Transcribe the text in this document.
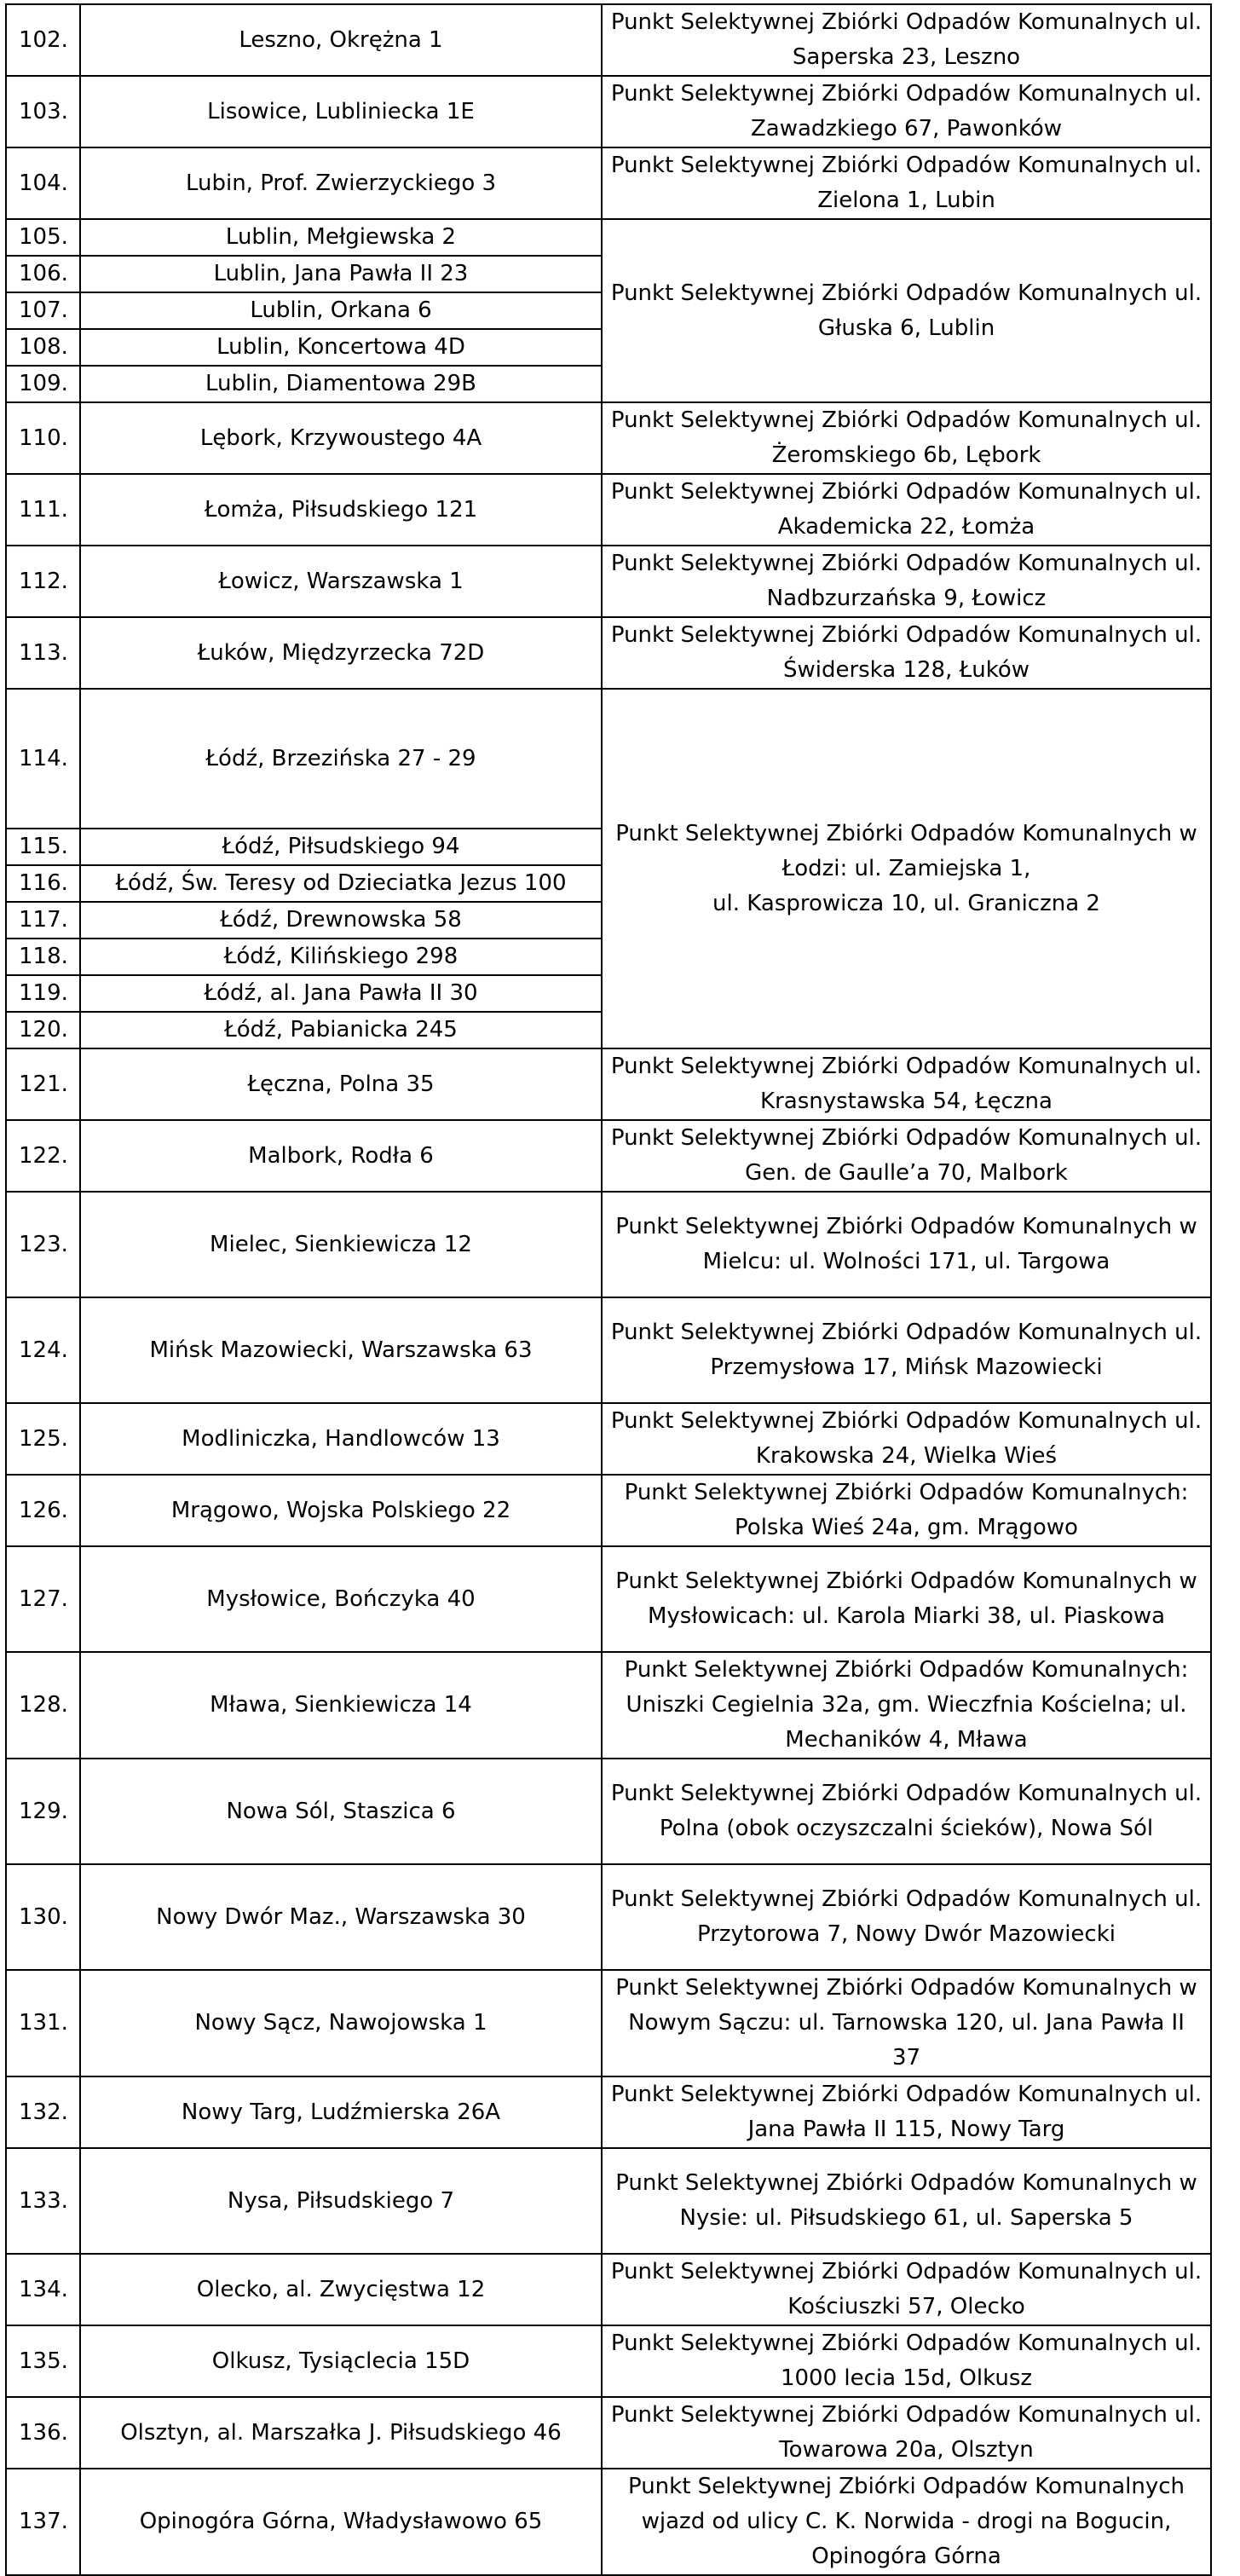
102.	Leszno, Okrężna 1	Punkt Selektywnej Zbiórki Odpadów Komunalnych ul.
Saperska 23, Leszno

103.	Lisowice, Lubliniecka 1E	Punkt Selektywnej Zbiórki Odpadów Komunalnych ul.
Zawadzkiego 67, Pawonków

104.	Lubin, Prof. Zwierzyckiego 3	Punkt Selektywnej Zbiórki Odpadów Komunalnych ul.
Zielona 1, Lubin

105.	Lublin, Mełgiewska 2	Punkt Selektywnej Zbiórki Odpadów Komunalnych ul.
Głuska 6, Lublin

106.	Lublin, Jana Pawła II 23	
107.	Lublin, Orkana 6	
108.	Lublin, Koncertowa 4D	
109.	Lublin, Diamentowa 29B	
110.	Lębork, Krzywoustego 4A	Punkt Selektywnej Zbiórki Odpadów Komunalnych ul.
Żeromskiego 6b, Lębork

111.	Łomża, Piłsudskiego 121	Punkt Selektywnej Zbiórki Odpadów Komunalnych ul.
Akademicka 22, Łomża

112.	Łowicz, Warszawska 1	Punkt Selektywnej Zbiórki Odpadów Komunalnych ul.
Nadbzurzańska 9, Łowicz

113.	Łuków, Międzyrzecka 72D	Punkt Selektywnej Zbiórki Odpadów Komunalnych ul.
Świderska 128, Łuków

114.	Łódź, Brzezińska 27 - 29	Punkt Selektywnej Zbiórki Odpadów Komunalnych w
Łodzi: ul. Zamiejska 1,
ul. Kasprowicza 10, ul. Graniczna 2

115.	Łódź, Piłsudskiego 94	
116.	Łódź, Św. Teresy od Dzieciatka Jezus 100	
117.	Łódź, Drewnowska 58	
118.	Łódź, Kilińskiego 298	
119.	Łódź, al. Jana Pawła II 30	
120.	Łódź, Pabianicka 245	
121.	Łęczna, Polna 35	Punkt Selektywnej Zbiórki Odpadów Komunalnych ul.
Krasnystawska 54, Łęczna

122.	Malbork, Rodła 6	Punkt Selektywnej Zbiórki Odpadów Komunalnych ul.
Gen. de Gaulle’a 70, Malbork

123.	Mielec, Sienkiewicza 12	Punkt Selektywnej Zbiórki Odpadów Komunalnych w
Mielcu: ul. Wolności 171, ul. Targowa

124.	Mińsk Mazowiecki, Warszawska 63	Punkt Selektywnej Zbiórki Odpadów Komunalnych ul.
Przemysłowa 17, Mińsk Mazowiecki

125.	Modliniczka, Handlowców 13	Punkt Selektywnej Zbiórki Odpadów Komunalnych ul.
Krakowska 24, Wielka Wieś

126.	Mrągowo, Wojska Polskiego 22	Punkt Selektywnej Zbiórki Odpadów Komunalnych:
Polska Wieś 24a, gm. Mrągowo

127.	Mysłowice, Bończyka 40	Punkt Selektywnej Zbiórki Odpadów Komunalnych w
Mysłowicach: ul. Karola Miarki 38, ul. Piaskowa

128.	Mława, Sienkiewicza 14	Punkt Selektywnej Zbiórki Odpadów Komunalnych:
Uniszki Cegielnia 32a, gm. Wieczfnia Kościelna; ul.
Mechaników 4, Mława

129.	Nowa Sól, Staszica 6	Punkt Selektywnej Zbiórki Odpadów Komunalnych ul.
Polna (obok oczyszczalni ścieków), Nowa Sól

130.	Nowy Dwór Maz., Warszawska 30	Punkt Selektywnej Zbiórki Odpadów Komunalnych ul.
Przytorowa 7, Nowy Dwór Mazowiecki

131.	Nowy Sącz, Nawojowska 1	Punkt Selektywnej Zbiórki Odpadów Komunalnych w
Nowym Sączu: ul. Tarnowska 120, ul. Jana Pawła II
37

132.	Nowy Targ, Ludźmierska 26A	Punkt Selektywnej Zbiórki Odpadów Komunalnych ul.
Jana Pawła II 115, Nowy Targ

133.	Nysa, Piłsudskiego 7	Punkt Selektywnej Zbiórki Odpadów Komunalnych w
Nysie: ul. Piłsudskiego 61, ul. Saperska 5

134.	Olecko, al. Zwycięstwa 12	Punkt Selektywnej Zbiórki Odpadów Komunalnych ul.
Kościuszki 57, Olecko

135.	Olkusz, Tysiąclecia 15D	Punkt Selektywnej Zbiórki Odpadów Komunalnych ul.
1000 lecia 15d, Olkusz

136.	Olsztyn, al. Marszałka J. Piłsudskiego 46	Punkt Selektywnej Zbiórki Odpadów Komunalnych ul.
Towarowa 20a, Olsztyn

137.	Opinogóra Górna, Władysławowo 65	Punkt Selektywnej Zbiórki Odpadów Komunalnych
wjazd od ulicy C. K. Norwida - drogi na Bogucin,
Opinogóra Górna
